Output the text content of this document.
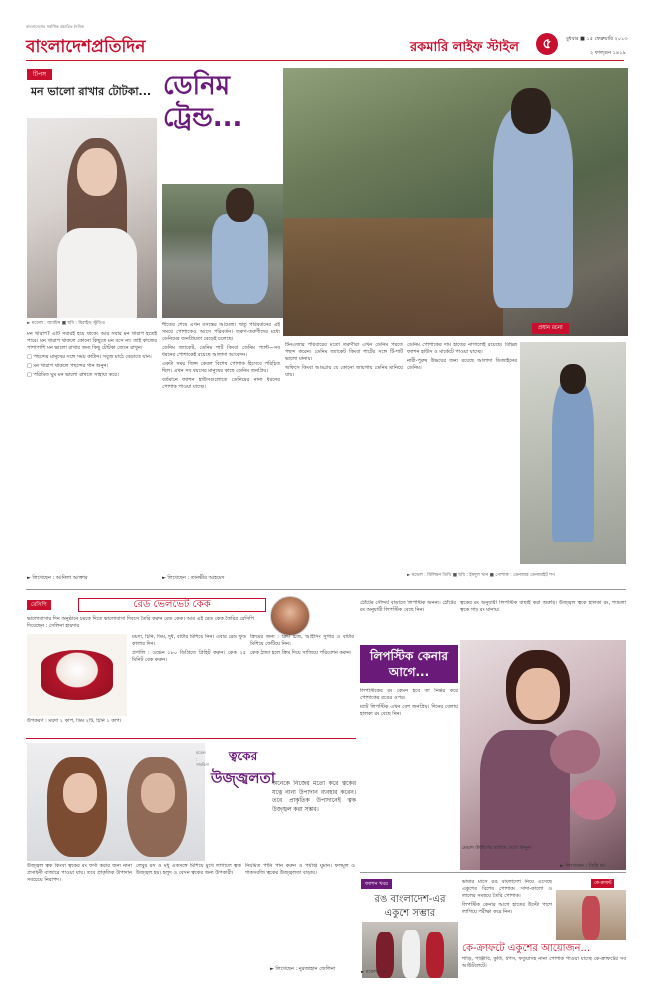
বাংলাদেশের সর্বাধিক প্রচারিত দৈনিক
বাংলাদেশপ্রতিদিন	রকমারি লাইফ স্টাইল	৫	বুধবার ■ ১৫ ফেব্রুয়ারি ২০১৩
২ ফাল্গুন ১৪১৯
টিপস
মন ভালো রাখার টোটকা...
► মডেল : জ্যামিন ■ ছবি : মিরাইড স্টুডিও
ডেনিম
ট্রেন্ড...
প্রধান রচনা

মন খারাপ? এটি সবারই হয়ে থাকে। আর সবার মন খারাপ হতেই পারে। মন খারাপ থাকলে কোনো কিছুতে মন বসে না। তাই কাজের পাশাপাশি মন ভালো রাখার জন্য কিছু টোটকা জেনে রাখুন।

□ পছন্দের মানুষের সঙ্গে সময় কাটান। সবুজ মাঠে বেড়াতে যান।

□ মন খারাপ থাকলে পছন্দের গান শুনুন।

□ পরিমিত ঘুম মন ভালো রাখতে সাহায্য করে।

শীতের শেষে এখন বসন্তের আমেজ। ঋতু পরিবর্তনের এই সময়ে পোশাকেও আসে পরিবর্তন। তরুণ-তরুণীদের মধ্যে ডেনিমের জনপ্রিয়তা বেড়েই চলেছে।

ডেনিম জ্যাকেট, ডেনিম শার্ট কিংবা ডেনিম প্যান্ট—সব ধরনের পোশাকেই রয়েছে আলাদা আবেদন।

একটা সময় জিন্স কেবল বিশেষ পোশাক হিসেবে পরিচিত ছিল। এখন সব বয়সের মানুষের কাছে ডেনিম জনপ্রিয়।

বর্তমানে ফ্যাশন হাউসগুলোতে ডেনিমের নানা ধরনের পোশাক পাওয়া যাচ্ছে।

টিনএজার পরিবারের মতো তরুণীরা এখন ডেনিম পরতে পছন্দ করেন। ডেনিম জ্যাকেট কিংবা শার্টের সঙ্গে টি-শার্ট ভালো মানায়।

অফিসে কিংবা আড্ডায় যে কোনো জায়গায় ডেনিম মানিয়ে যায়।

ডেনিম পোশাকের দাম হাতের নাগালেই রয়েছে। বিভিন্ন ফ্যাশন হাউস ও মার্কেটে পাওয়া যাচ্ছে।

নারী-পুরুষ উভয়ের জন্য রয়েছে আলাদা ডিজাইনের ডেনিম।

► মডেল : মিলিয়ন তিথি ■ ছবি : ইমদুল খান ■ পোশাক : ডেনজার ডেনামাইট শপ
► লিখেছেন : আনিলা আক্তার	► লিখেছেন : তানভীর আহমেদ
রেসিপি	রেড ভেলভেট কেক
ভালোবাসার দিন অনুষ্ঠানে চমকে দিতে ভালোবাসা দিবসে তৈরি করুন রেড কেক। আর এই রেড কেক তৈরির রেসিপি দিয়েছেন : সেলিনা হায়দার

উপকরণ : ময়দা ২ কাপ, ডিম ২টি, চিনি ১ কাপ।

ময়দা, চিনি, ডিম, দুধ, বাটার মিশিয়ে নিন। এবার রেড ফুড কালার দিন।

প্রণালি : ওভেন ১৮০ ডিগ্রিতে প্রিহিট করুন। কেক ২৫ মিনিট বেক করুন।

ক্রিমের জন্য : ক্রিম চিজ, আইসিং সুগার ও বাটার মিশিয়ে ফেটিয়ে নিন।

কেক ঠান্ডা হলে ক্রিম দিয়ে সাজিয়ে পরিবেশন করুন।

মডেল : সাবরিনা
ত্বকের
উজ্জ্বলতা
অনেকে নিজের মতো করে ত্বকের যত্নে নানা উপাদান ব্যবহার করেন। তবে প্রাকৃতিক উপাদানেই ত্বক উজ্জ্বল করা সম্ভব।

উজ্জ্বল ত্বক কিংবা ত্বকের রং ফর্সা করার জন্য নানা প্রসাধনী বাজারে পাওয়া যায়। তবে প্রাকৃতিক উপাদান সবচেয়ে নিরাপদ।

লেবুর রস ও মধু একসঙ্গে মিশিয়ে মুখে লাগালে ত্বক উজ্জ্বল হয়। হলুদ ও বেসন ত্বকের জন্য উপকারী।

নিয়মিত পানি পান করুন ও পর্যাপ্ত ঘুমান। ফলমূল ও শাকসবজি ত্বকের উজ্জ্বলতা বাড়ায়।

► লিখেছেন : নুরজাহান জেলিনা

ঠোঁটের সৌন্দর্য বাড়াতে লিপস্টিক অনন্য। ঠোঁটের রং অনুযায়ী লিপস্টিক বেছে নিন।

ত্বকের রং অনুযায়ী লিপস্টিক বাছাই করা জরুরি। উজ্জ্বল ত্বকে হালকা রং, শ্যামলা ত্বকে গাঢ় রং মানায়।

লিপস্টিক কেনার আগে...

লিপস্টিকের রং কেমন হবে তা নির্ভর করে পোশাকের রঙের ওপর।

ম্যাট লিপস্টিক এখন বেশ জনপ্রিয়। দিনের বেলায় হালকা রং বেছে নিন।

► লিখেছেন : তিন্নি ঝা
ফ্যাশন খবর
রঙ বাংলাদেশ-এর একুশে সম্ভার

ভাষার মাসে রঙ বাংলাদেশ নিয়ে এসেছে একুশের বিশেষ পোশাক। সাদা-কালো ও লালের সমন্বয়ে তৈরি পোশাক।

লিপস্টিক কেনার আগে হাতের উল্টো পাশে লাগিয়ে পরীক্ষা করে নিন।

কে-ক্রাফট
কে-ক্রাফটে একুশের আয়োজন...

শাড়ি, পাঞ্জাবি, কুর্তি, টপস, ফতুয়াসহ নানা পোশাক পাওয়া যাচ্ছে কে-ক্রাফটের সব আউটলেটে।

► মডেল : মম
মেয়াদ উত্তীর্ণের তারিখ দেখে কিনুন।
